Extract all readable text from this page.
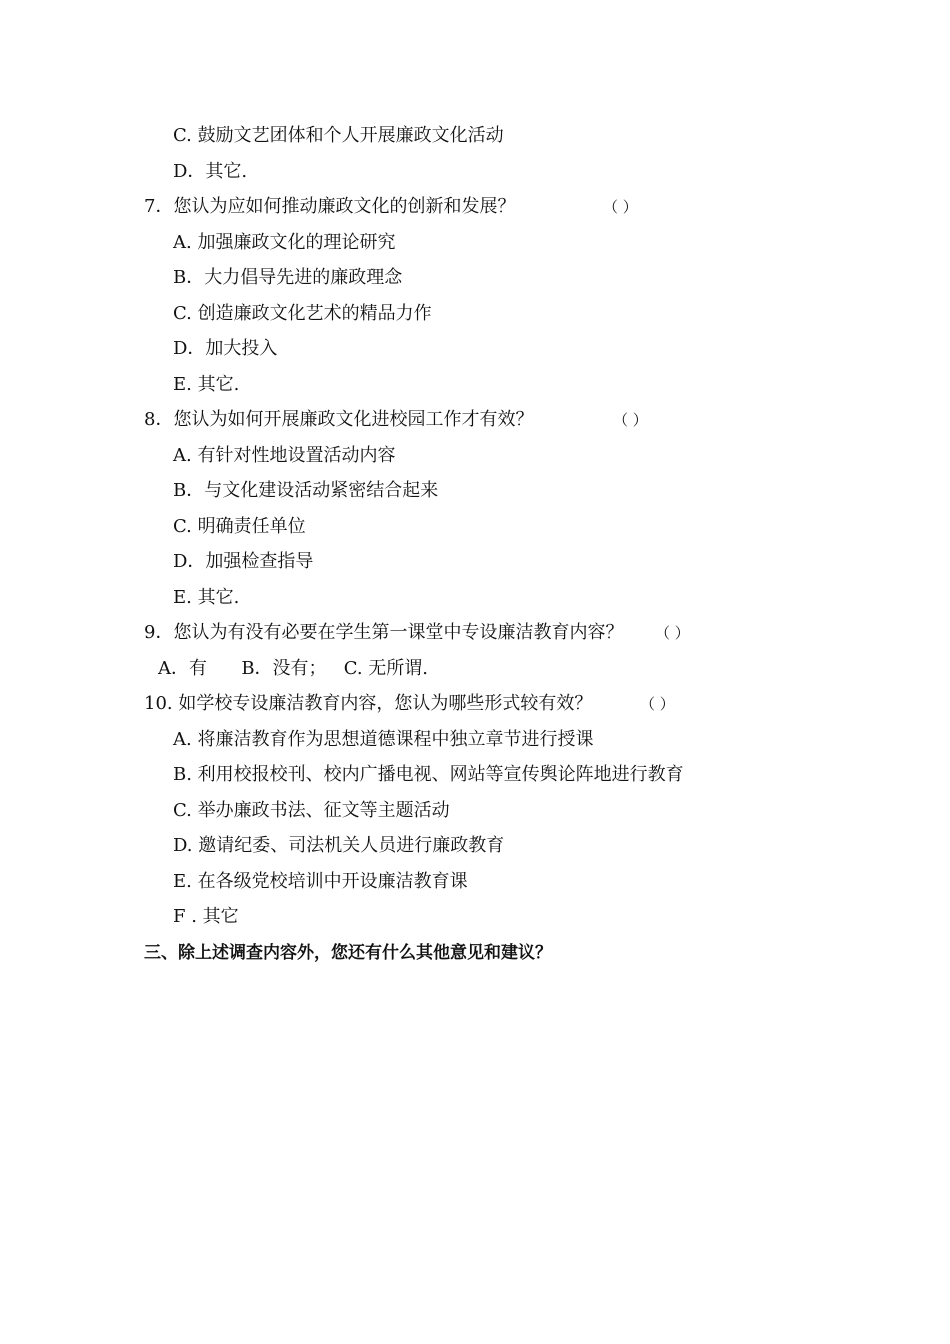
C. 鼓励文艺团体和个人开展廉政文化活动
D．其它.
7．您认为应如何推动廉政文化的创新和发展？	（ ）
A. 加强廉政文化的理论研究
B．大力倡导先进的廉政理念
C. 创造廉政文化艺术的精品力作
D．加大投入
E. 其它.
8．您认为如何开展廉政文化进校园工作才有效？	（ ）
A. 有针对性地设置活动内容
B．与文化建设活动紧密结合起来
C. 明确责任单位
D．加强检查指导
E. 其它.
9．您认为有没有必要在学生第一课堂中专设廉洁教育内容？ （ ）
A．有      B．没有；   C. 无所谓.
10. 如学校专设廉洁教育内容，您认为哪些形式较有效？	（ ）
A. 将廉洁教育作为思想道德课程中独立章节进行授课
B. 利用校报校刊、校内广播电视、网站等宣传舆论阵地进行教育
C. 举办廉政书法、征文等主题活动
D. 邀请纪委、司法机关人员进行廉政教育
E. 在各级党校培训中开设廉洁教育课
F . 其它
三、除上述调查内容外，您还有什么其他意见和建议？
